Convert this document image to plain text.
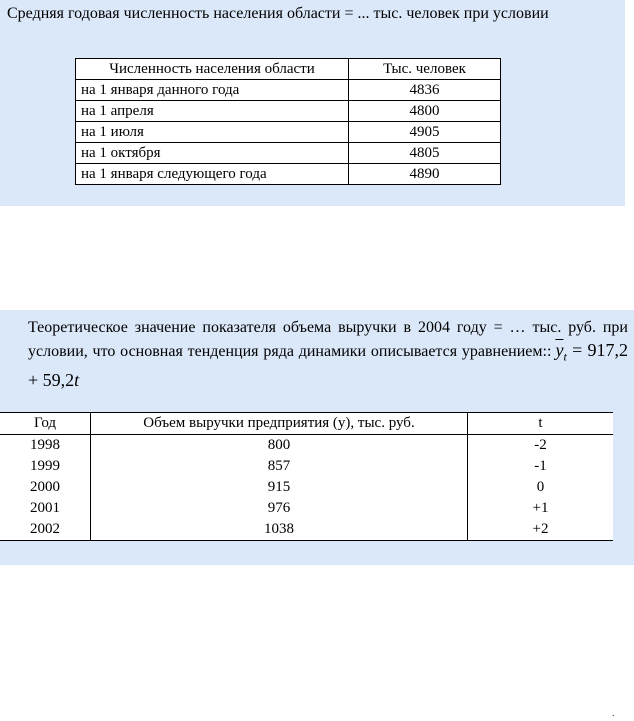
Средняя годовая численность населения области = ... тыс. человек при условии

Численность населения области	Тыс. человек
на 1 января данного года	4836
на 1 апреля	4800
на 1 июля	4905
на 1 октября	4805
на 1 января следующего года	4890

Теоретическое значение показателя объема выручки в 2004 году = … тыс. руб. при условии, что основная тенденция ряда динамики описывается уравнением:: $\overline{y}_t = 917,2 + 59,2t$

Год	Объем выручки предприятия (y), тыс. руб.	t
1998	800	-2
1999	857	-1
2000	915	0
2001	976	+1
2002	1038	+2
.
